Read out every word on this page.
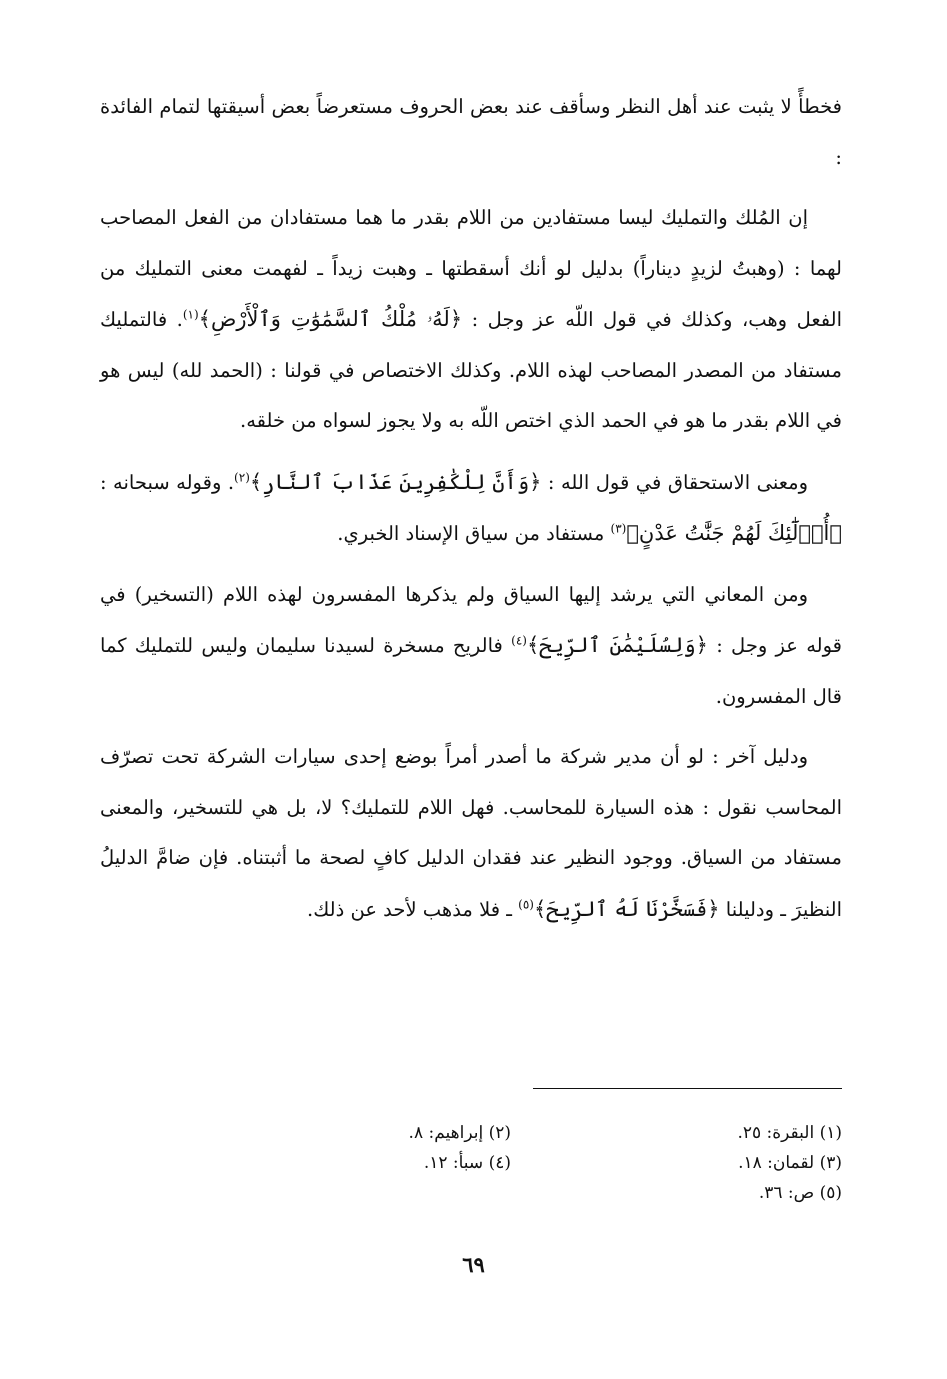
فخطأً لا يثبت عند أهل النظر وسأقف عند بعض الحروف مستعرضاً بعض أسيقتها لتمام الفائدة :

إن المُلك والتمليك ليسا مستفادين من اللام بقدر ما هما مستفادان من الفعل المصاحب لهما : (وهبتُ لزيدٍ ديناراً) بدليل لو أنك أسقطتها ـ وهبت زيداً ـ لفهمت معنى التمليك من الفعل وهب، وكذلك في قول اللّه عز وجل : ﴿لَهُۥ مُلْكُ ٱلسَّمَٰوَٰتِ وَٱلْأَرْضِ﴾$^{(١)}$. فالتمليك مستفاد من المصدر المصاحب لهذه اللام. وكذلك الاختصاص في قولنا : (الحمد لله) ليس هو في اللام بقدر ما هو في الحمد الذي اختص اللّه به ولا يجوز لسواه من خلقه.

ومعنى الاستحقاق في قول الله : ﴿وَأَنَّ لِلْكَٰفِرِينَ عَذَابَ ٱلنَّارِ﴾$^{(٢)}$. وقوله سبحانه : ﴿أُو۟لَٰٓئِكَ لَهُمْ جَنَّٰتُ عَدْنٍ﴾$^{(٣)}$ مستفاد من سياق الإسناد الخبري.

ومن المعاني التي يرشد إليها السياق ولم يذكرها المفسرون لهذه اللام (التسخير) في قوله عز وجل : ﴿وَلِسُلَيْمَٰنَ ٱلرِّيحَ﴾$^{(٤)}$ فالريح مسخرة لسيدنا سليمان وليس للتمليك كما قال المفسرون.

ودليل آخر : لو أن مدير شركة ما أصدر أمراً بوضع إحدى سيارات الشركة تحت تصرّف المحاسب نقول : هذه السيارة للمحاسب. فهل اللام للتمليك؟ لا، بل هي للتسخير، والمعنى مستفاد من السياق. ووجود النظير عند فقدان الدليل كافٍ لصحة ما أثبتناه. فإن ضامَّ الدليلُ النظيرَ ـ ودليلنا ﴿فَسَخَّرْنَا لَهُ ٱلرِّيحَ﴾$^{(٥)}$ ـ فلا مذهب لأحد عن ذلك.

(١) البقرة: ٢٥.
(٢) إبراهيم: ٨.
(٣) لقمان: ١٨.
(٤) سبأ: ١٢.
(٥) ص: ٣٦.
٦٩
